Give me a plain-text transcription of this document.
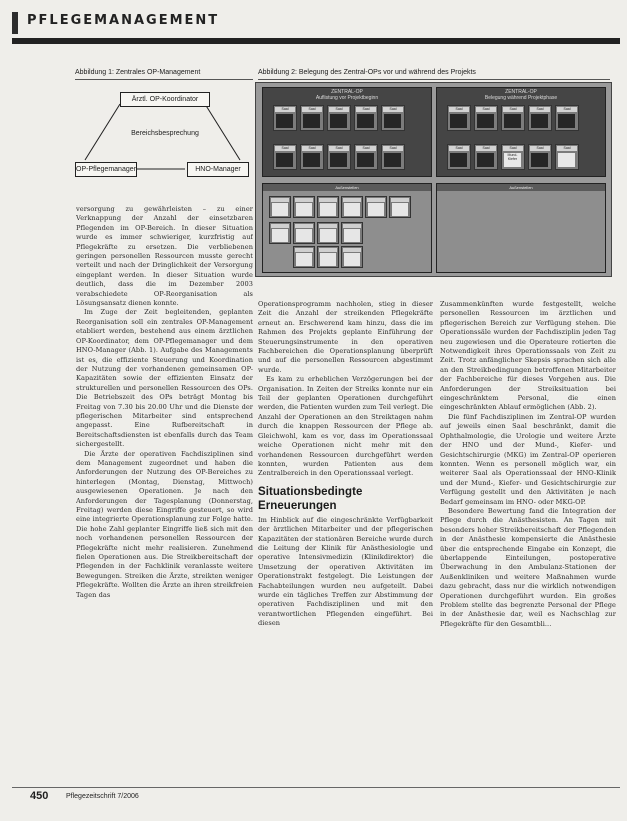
PFLEGEMANAGEMENT
Abbildung 1: Zentrales OP-Management
Ärztl. OP-Koordinator
Bereichsbesprechung
OP-Pflegemanager	HNO-Manager
Abbildung 2: Belegung des Zentral-OPs vor und während des Projekts
ZENTRAL-OP
Auflistung vor Projektbeginn
Saal	Saal	Saal	Saal	Saal
Saal	Saal	Saal	Saal	Saal
ZENTRAL-OP
Belegung während Projektphase
Saal	Saal	Saal	Saal	Saal
Saal	Saal	Saal
Mund-Kiefer
Saal	Saal
Außenstellen	Außenstellen

versorgung zu gewährleisten – zu einer Verknappung der Anzahl der einsetzbaren Pflegenden im OP-Bereich. In dieser Situation wurde es immer schwieriger, kurzfristig auf Pflegekräfte zu ersetzen. Die verbliebenen geringen personellen Ressourcen musste gerecht verteilt und nach der Dringlichkeit der Versorgung eingeplant werden. In dieser Situation wurde deutlich, dass die im Dezember 2003 verabschiedete OP-Reorganisation als Lösungsansatz dienen konnte.

Im Zuge der Zeit begleitenden, geplanten Reorganisation soll ein zentrales OP-Management etabliert werden, bestehend aus einem ärztlichen OP-Koordinator, dem OP-Pflegemanager und dem HNO-Manager (Abb. 1). Aufgabe des Managements ist es, die effiziente Steuerung und Koordination der Nutzung der vorhandenen gemeinsamen OP-Kapazitäten sowie der effizienten Einsatz der strukturellen und personellen Ressourcen des OPs. Die Betriebszeit des OPs beträgt Montag bis Freitag von 7.30 bis 20.00 Uhr und die Dienste der pflegerischen Mitarbeiter sind entsprechend angepasst. Eine Rufbereitschaft in Bereitschaftsdiensten ist ebenfalls durch das Team sichergestellt.

Die Ärzte der operativen Fachdisziplinen sind dem Management zugeordnet und haben die Anforderungen der Nutzung des OP-Bereiches zu hinterlegen (Montag, Dienstag, Mittwoch) ausgewiesenen Operationen. Je nach den Anforderungen der Tagesplanung (Donnerstag, Freitag) werden diese Eingriffe gesteuert, so wird eine integrierte Operationsplanung zur Folge hatte. Die hohe Zahl geplanter Eingriffe ließ sich mit den noch vorhandenen personellen Ressourcen der Pflegekräfte nicht mehr realisieren. Zunehmend fielen Operationen aus. Die Streikbereitschaft der Pflegenden in der Fachklinik veranlasste weitere Bewegungen. Streiken die Ärzte, streikten weniger Pflegekräfte. Wollten die Ärzte an ihren streikfreien Tagen das

Operationsprogramm nachholen, stieg in dieser Zeit die Anzahl der streikenden Pflegekräfte erneut an. Erschwerend kam hinzu, dass die im Rahmen des Projekts geplante Einführung der Steuerungsinstrumente in den operativen Fachbereichen die Operationsplanung überprüft und auf die personellen Ressourcen abgestimmt wurde.

Es kam zu erheblichen Verzögerungen bei der Organisation. In Zeiten der Streiks konnte nur ein Teil der geplanten Operationen durchgeführt werden, die Patienten wurden zum Teil verlegt. Die Anzahl der Operationen an den Streiktagen nahm durch die knappen Ressourcen der Pflege ab. Gleichwohl, kam es vor, dass im Operationssaal weiche Operationen nicht mehr mit den vorhandenen Ressourcen durchgeführt werden konnten, wurden Patienten aus dem Zentralbereich in den Operationssaal verlegt.

Situationsbedingte Erneuerungen

Im Hinblick auf die eingeschränkte Verfügbarkeit der ärztlichen Mitarbeiter und der pflegerischen Kapazitäten der stationären Bereiche wurde durch die Leitung der Klinik für Anästhesiologie und operative Intensivmedizin (Klinikdirektor) die Umsetzung der operativen Aktivitäten im Operationstrakt festgelegt. Die Leistungen der Fachabteilungen wurden neu aufgeteilt. Dabei wurde ein tägliches Treffen zur Abstimmung der operativen Fachdisziplinen und mit den verantwortlichen Pflegenden eingeführt. Bei diesen

Zusammenkünften wurde festgestellt, welche personellen Ressourcen im ärztlichen und pflegerischen Bereich zur Verfügung stehen. Die Operationssäle wurden der Fachdisziplin jeden Tag neu zugewiesen und die Operateure rotierten die Notwendigkeit ihres Operationssaals von Zeit zu Zeit. Trotz anfänglicher Skepsis sprachen sich alle an den Streikbedingungen betroffenen Mitarbeiter der Fachbereiche für dieses Vorgehen aus. Die Anforderungen der Streiksituation bei eingeschränktem Personal, die einen eingeschränkten Ablauf ermöglichen (Abb. 2).

Die fünf Fachdisziplinen im Zentral-OP wurden auf jeweils einen Saal beschränkt, damit die Ophthalmologie, die Urologie und weitere Ärzte der HNO und der Mund-, Kiefer- und Gesichtschirurgie (MKG) im Zentral-OP operieren konnten. Wenn es personell möglich war, ein weiterer Saal als Operationssaal der HNO-Klinik und der Mund-, Kiefer- und Gesichtschirurgie zur Verfügung gestellt und den Aktivitäten je nach Bedarf gemeinsam im HNO- oder MKG-OP.

Besondere Bewertung fand die Integration der Pflege durch die Anästhesisten. An Tagen mit besonders hoher Streikbereitschaft der Pflegenden in der Anästhesie kompensierte die Anästhesie über die entsprechende Eingabe ein Konzept, die überlappende Einteilungen, postoperative Überwachung in den Ambulanz-Stationen der Außenkliniken und weitere Maßnahmen wurde dazu gebracht, dass nur die wirklich notwendigen Operationen durchgeführt wurden. Ein großes Problem stellte das begrenzte Personal der Pflege in der Anästhesie dar, weil es Nachschlag zur Pflegekräfte für den Gesamtbli...

450	Pflegezeitschrift 7/2006
